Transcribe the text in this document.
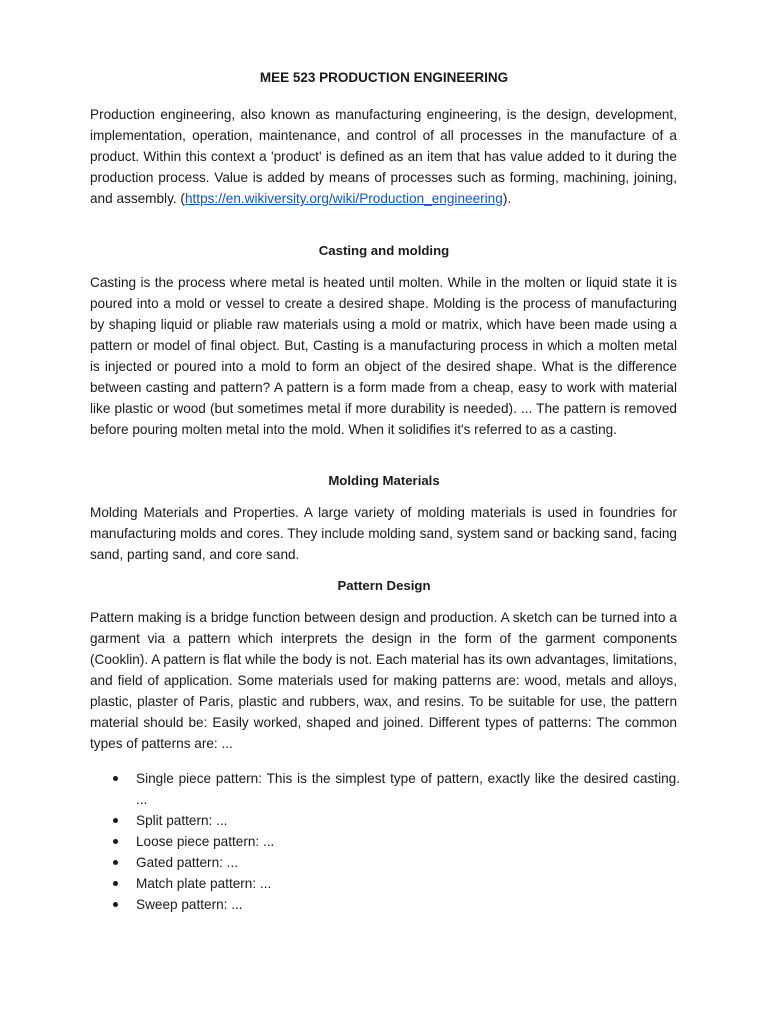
MEE 523 PRODUCTION ENGINEERING

Production engineering, also known as manufacturing engineering, is the design, development, implementation, operation, maintenance, and control of all processes in the manufacture of a product. Within this context a 'product' is defined as an item that has value added to it during the production process. Value is added by means of processes such as forming, machining, joining, and assembly. (https://en.wikiversity.org/wiki/Production_engineering).

Casting and molding

Casting is the process where metal is heated until molten. While in the molten or liquid state it is poured into a mold or vessel to create a desired shape. Molding is the process of manufacturing by shaping liquid or pliable raw materials using a mold or matrix, which have been made using a pattern or model of final object. But, Casting is a manufacturing process in which a molten metal is injected or poured into a mold to form an object of the desired shape. What is the difference between casting and pattern? A pattern is a form made from a cheap, easy to work with material like plastic or wood (but sometimes metal if more durability is needed). ... The pattern is removed before pouring molten metal into the mold. When it solidifies it's referred to as a casting.

Molding Materials

Molding Materials and Properties. A large variety of molding materials is used in foundries for manufacturing molds and cores. They include molding sand, system sand or backing sand, facing sand, parting sand, and core sand.

Pattern Design

Pattern making is a bridge function between design and production. A sketch can be turned into a garment via a pattern which interprets the design in the form of the garment components (Cooklin). A pattern is flat while the body is not. Each material has its own advantages, limitations, and field of application. Some materials used for making patterns are: wood, metals and alloys, plastic, plaster of Paris, plastic and rubbers, wax, and resins. To be suitable for use, the pattern material should be: Easily worked, shaped and joined. Different types of patterns: The common types of patterns are: ...

Single piece pattern: This is the simplest type of pattern, exactly like the desired casting. ...
Split pattern: ...
Loose piece pattern: ...
Gated pattern: ...
Match plate pattern: ...
Sweep pattern: ...
